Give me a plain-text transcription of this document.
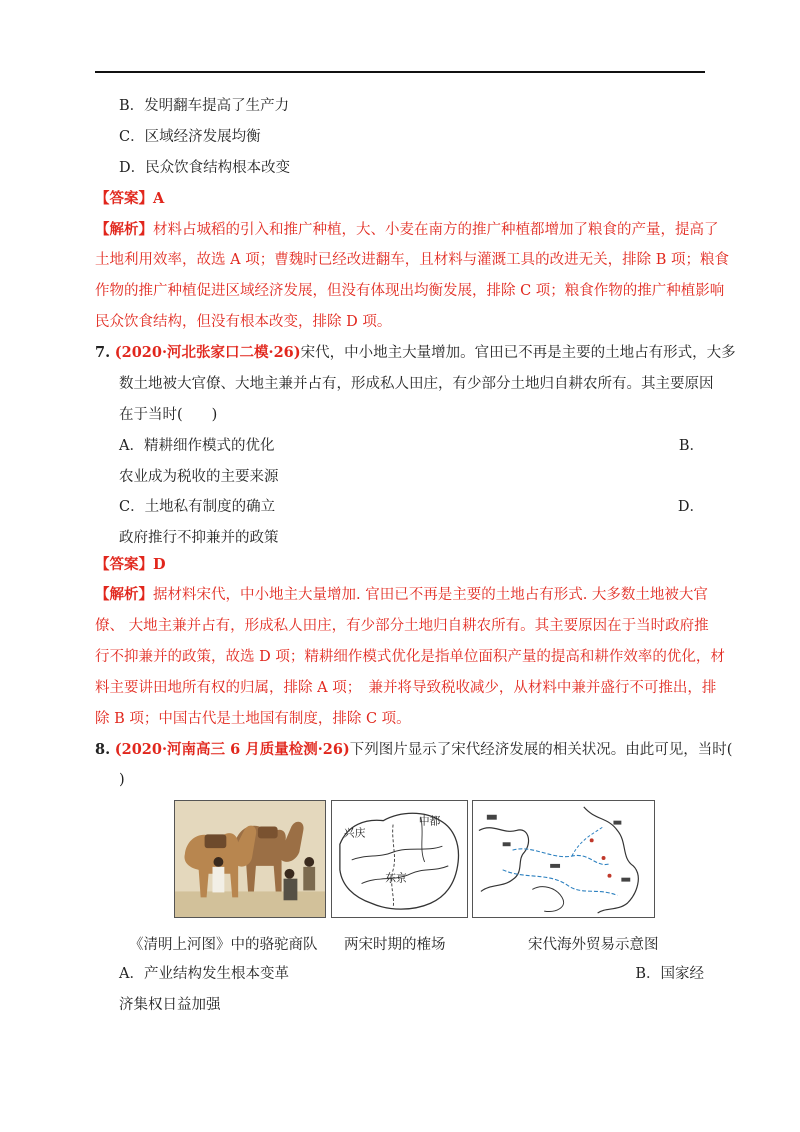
B．发明翻车提高了生产力
C．区域经济发展均衡
D．民众饮食结构根本改变
【答案】A
【解析】材料占城稻的引入和推广种植，大、小麦在南方的推广种植都增加了粮食的产量，提高了
土地利用效率，故选 A 项；曹魏时已经改进翻车，且材料与灌溉工具的改进无关，排除 B 项；粮食
作物的推广种植促进区域经济发展，但没有体现出均衡发展，排除 C 项；粮食作物的推广种植影响
民众饮食结构，但没有根本改变，排除 D 项。
7. (2020·河北张家口二模·26)宋代，中小地主大量增加。官田已不再是主要的土地占有形式，大多
数土地被大官僚、大地主兼并占有，形成私人田庄，有少部分土地归自耕农所有。其主要原因
在于当时(　　)
A．精耕细作模式的优化	B．
农业成为税收的主要来源
C．土地私有制度的确立	D．
政府推行不抑兼并的政策
【答案】D
【解析】据材料宋代，中小地主大量增加. 官田已不再是主要的土地占有形式. 大多数土地被大官
僚、 大地主兼并占有，形成私人田庄，有少部分土地归自耕农所有。其主要原因在于当时政府推
行不抑兼并的政策，故选 D 项；精耕细作模式优化是指单位面积产量的提高和耕作效率的优化，材
料主要讲田地所有权的归属，排除 A 项；　兼并将导致税收减少，从材料中兼并盛行不可推出，排
除 B 项；中国古代是土地国有制度，排除 C 项。
8. (2020·河南高三 6 月质量检测·26)下列图片显示了宋代经济发展的相关状况。由此可见，当时(
)
兴庆
中都
东京
《清明上河图》中的骆驼商队 两宋时期的榷场	宋代海外贸易示意图
A．产业结构发生根本变革	B．国家经
济集权日益加强
